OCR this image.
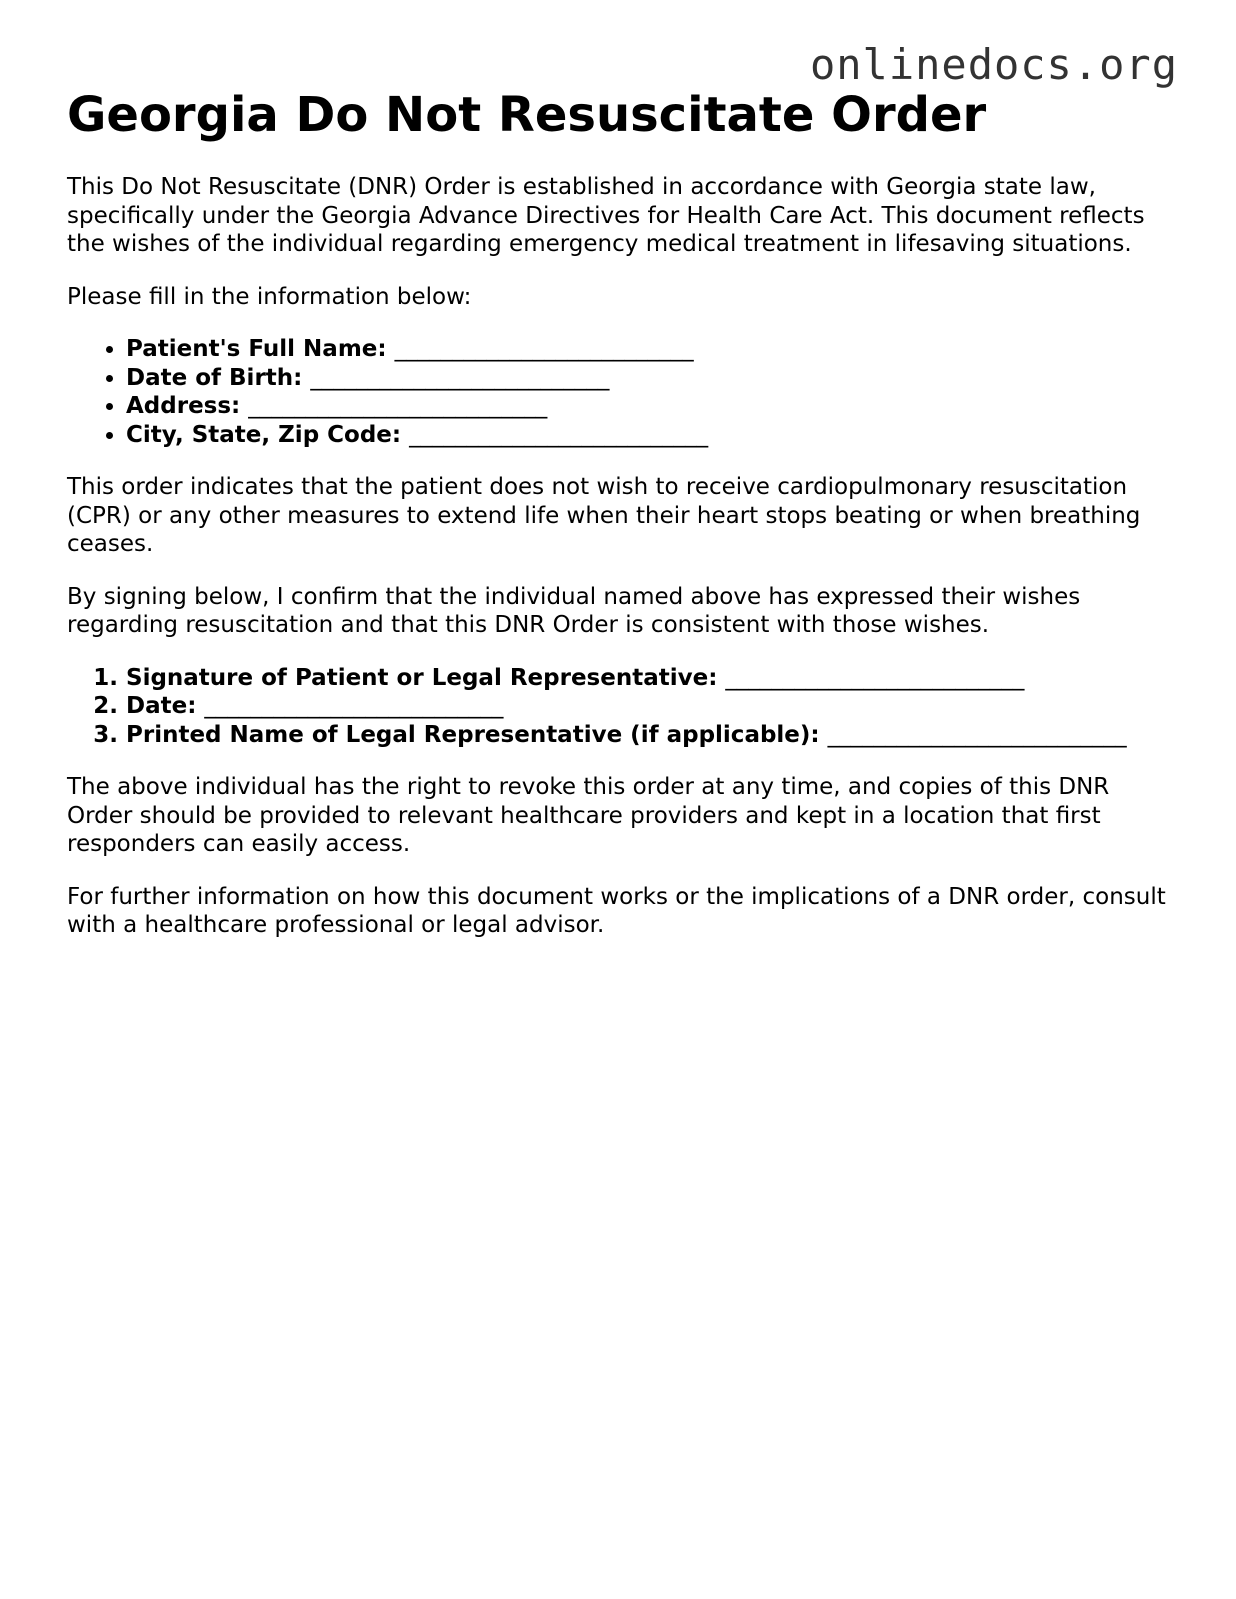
onlinedocs.org
Georgia Do Not Resuscitate Order

This Do Not Resuscitate (DNR) Order is established in accordance with Georgia state law, specifically under the Georgia Advance Directives for Health Care Act. This document reflects the wishes of the individual regarding emergency medical treatment in lifesaving situations.

Please fill in the information below:

• Patient's Full Name: __________________________
• Date of Birth: __________________________
• Address: __________________________
• City, State, Zip Code: __________________________

This order indicates that the patient does not wish to receive cardiopulmonary resuscitation (CPR) or any other measures to extend life when their heart stops beating or when breathing ceases.

By signing below, I confirm that the individual named above has expressed their wishes regarding resuscitation and that this DNR Order is consistent with those wishes.

1. Signature of Patient or Legal Representative: __________________________
2. Date: __________________________
3. Printed Name of Legal Representative (if applicable): __________________________

The above individual has the right to revoke this order at any time, and copies of this DNR Order should be provided to relevant healthcare providers and kept in a location that first responders can easily access.

For further information on how this document works or the implications of a DNR order, consult with a healthcare professional or legal advisor.
